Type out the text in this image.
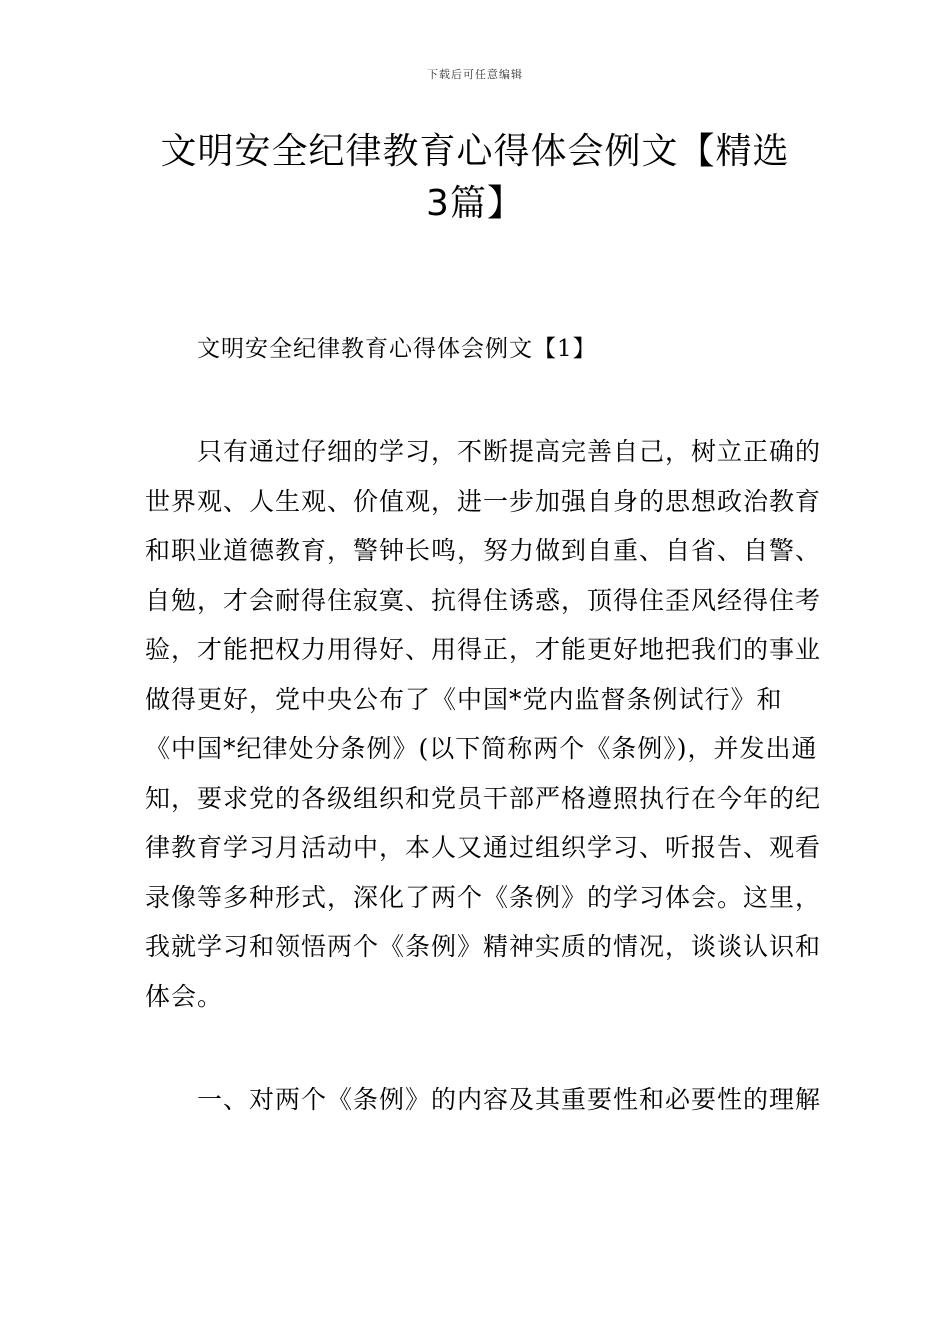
下载后可任意编辑
文明安全纪律教育心得体会例文【精选3篇】
文明安全纪律教育心得体会例文【1】

只有通过仔细的学习，不断提高完善自己，树立正确的世界观、人生观、价值观，进一步加强自身的思想政治教育和职业道德教育，警钟长鸣，努力做到自重、自省、自警、自勉，才会耐得住寂寞、抗得住诱惑，顶得住歪风经得住考验，才能把权力用得好、用得正，才能更好地把我们的事业做得更好，党中央公布了《中国*党内监督条例试行》和《中国*纪律处分条例》(以下简称两个《条例》)，并发出通知，要求党的各级组织和党员干部严格遵照执行在今年的纪律教育学习月活动中，本人又通过组织学习、听报告、观看录像等多种形式，深化了两个《条例》的学习体会。这里，我就学习和领悟两个《条例》精神实质的情况，谈谈认识和体会。

一、对两个《条例》的内容及其重要性和必要性的理解
